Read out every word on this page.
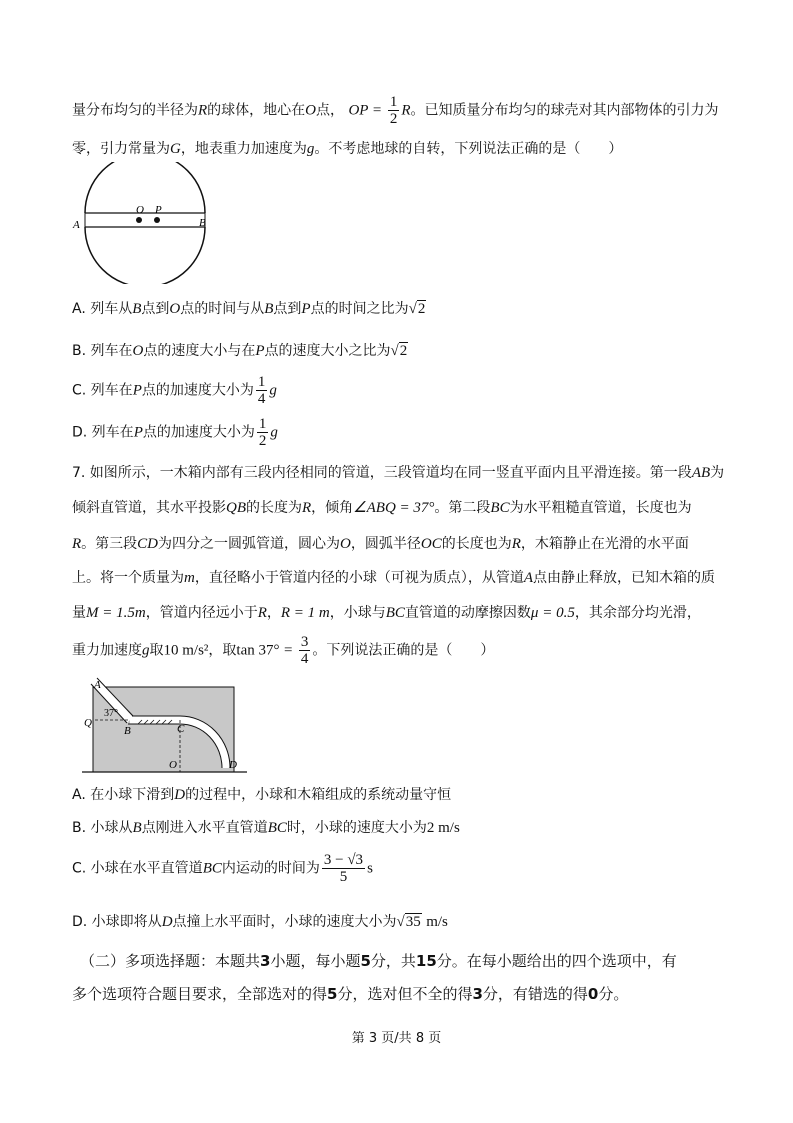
量分布均匀的半径为R的球体，地心在O点， OP = $\frac{1}{2}$ R。已知质量分布均匀的球壳对其内部物体的引力为
零，引力常量为G，地表重力加速度为g。不考虑地球的自转，下列说法正确的是（　　）
A	B
O P
A. 列车从B点到O点的时间与从B点到P点的时间之比为√2
B. 列车在O点的速度大小与在P点的速度大小之比为√2
C. 列车在P点的加速度大小为 $\frac{1}{4}$ g
D. 列车在P点的加速度大小为 $\frac{1}{2}$ g
7. 如图所示，一木箱内部有三段内径相同的管道，三段管道均在同一竖直平面内且平滑连接。第一段AB为
倾斜直管道，其水平投影QB的长度为R，倾角∠ABQ = 37°。第二段BC为水平粗糙直管道，长度也为
R。第三段CD为四分之一圆弧管道，圆心为O，圆弧半径OC的长度也为R，木箱静止在光滑的水平面
上。将一个质量为m，直径略小于管道内径的小球（可视为质点），从管道A点由静止释放，已知木箱的质
量M = 1.5m，管道内径远小于R，R = 1 m，小球与BC直管道的动摩擦因数μ = 0.5，其余部分均光滑，
重力加速度g取10 m/s²，取$\tan 37^\circ = \frac{3}{4}$ 。下列说法正确的是（　　）
A
Q
37°
B	C
O	D
A. 在小球下滑到D的过程中，小球和木箱组成的系统动量守恒
B. 小球从B点刚进入水平直管道BC时，小球的速度大小为2 m/s
C. 小球在水平直管道BC内运动的时间为 $\frac{3 - √3}{5}$ s
D. 小球即将从D点撞上水平面时，小球的速度大小为√35 m/s
（二）多项选择题：本题共3小题，每小题5分，共15分。在每小题给出的四个选项中，有
多个选项符合题目要求，全部选对的得5分，选对但不全的得3分，有错选的得0分。
第 3 页/共 8 页
